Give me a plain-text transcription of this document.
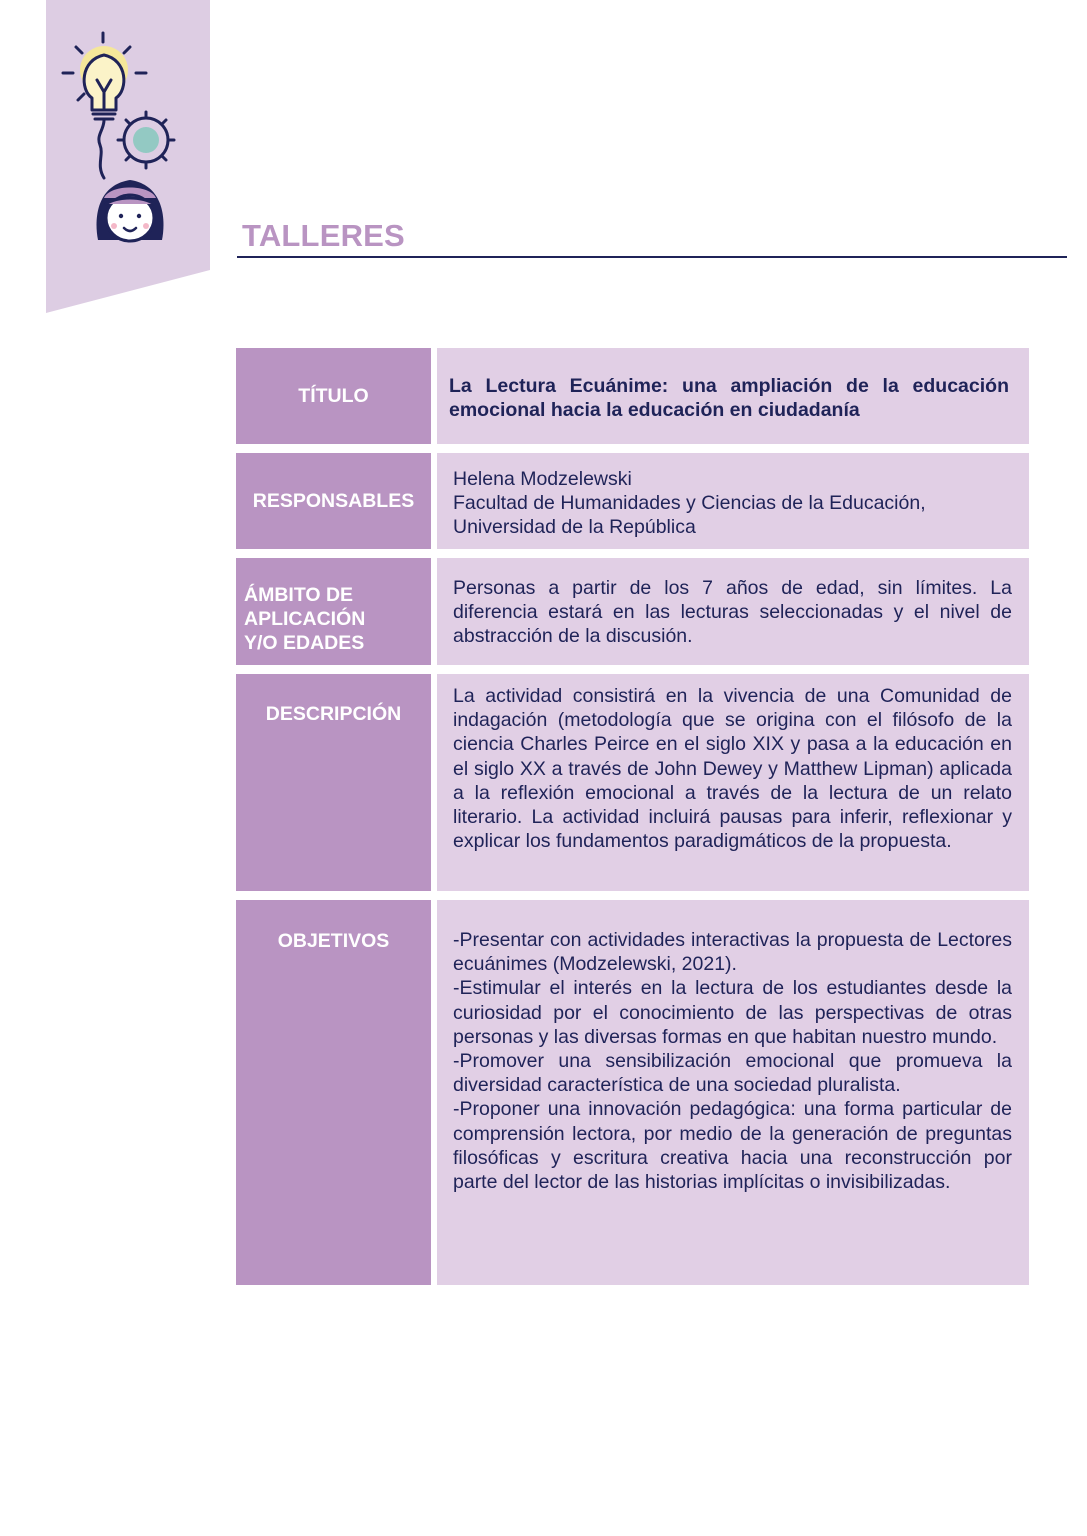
TALLERES
TÍTULO	La Lectura Ecuánime: una ampliación de la educación emocional hacia la educación en ciudadanía
RESPONSABLES

Helena Modzelewski

Facultad de Humanidades y Ciencias de la Educación,

Universidad de la República

ÁMBITO DE
APLICACIÓN
Y/O EDADES
Personas a partir de los 7 años de edad, sin límites. La diferencia estará en las lecturas seleccionadas y el nivel de abstracción de la discusión.
DESCRIPCIÓN
La actividad consistirá en la vivencia de una Comunidad de indagación (metodología que se origina con el filósofo de la ciencia Charles Peirce en el siglo XIX y pasa a la educación en el siglo XX a través de John Dewey y Matthew Lipman) aplicada a la reflexión emocional a través de la lectura de un relato literario. La actividad incluirá pausas para inferir, reflexionar y explicar los fundamentos paradigmáticos de la propuesta.
OBJETIVOS	-Presentar con actividades interactivas la propuesta de Lectores ecuánimes (Modzelewski, 2021).

-Estimular el interés en la lectura de los estudiantes desde la curiosidad por el conocimiento de las perspectivas de otras personas y las diversas formas en que habitan nuestro mundo.

-Promover una sensibilización emocional que promueva la diversidad característica de una sociedad pluralista.

-Proponer una innovación pedagógica: una forma particular de comprensión lectora, por medio de la generación de preguntas filosóficas y escritura creativa hacia una reconstrucción por parte del lector de las historias implícitas o invisibilizadas.
